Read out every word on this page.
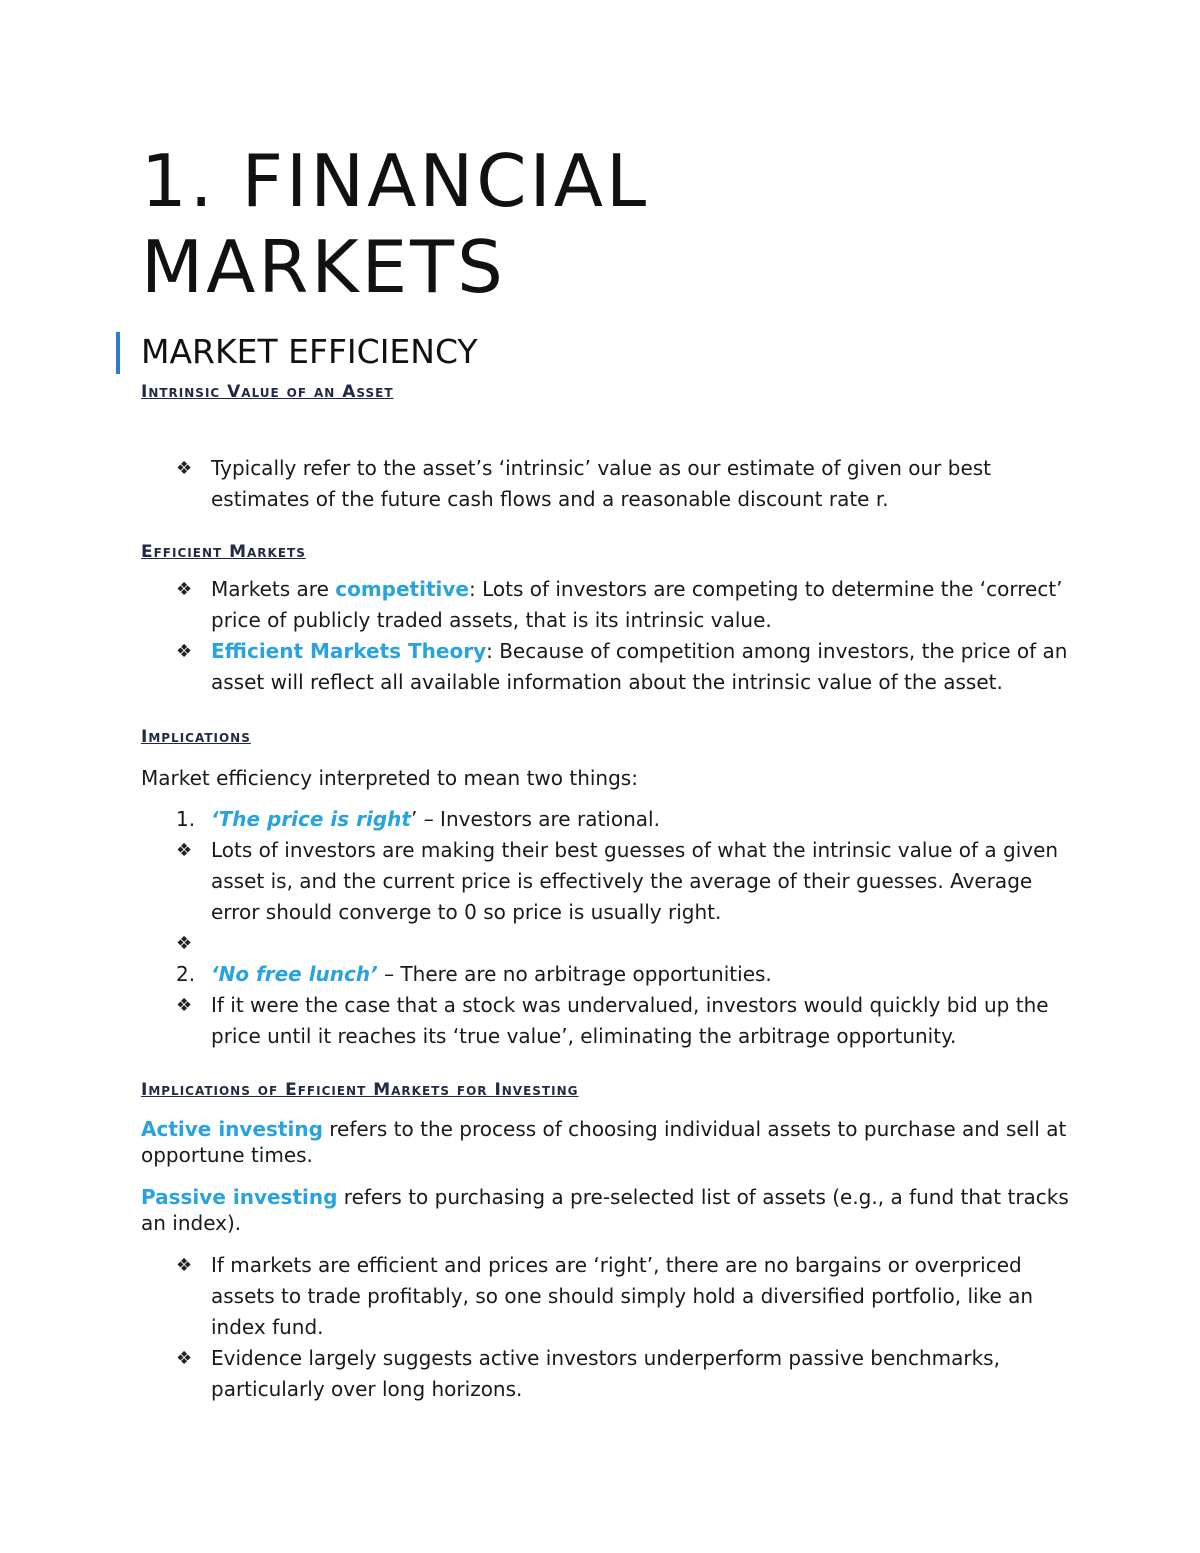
1. FINANCIAL
MARKETS
MARKET EFFICIENCY

Intrinsic Value of an Asset

❖ Typically refer to the asset’s ‘intrinsic’ value as our estimate of given our best estimates of the future cash flows and a reasonable discount rate r.

Efficient Markets

❖ Markets are competitive: Lots of investors are competing to determine the ‘correct’ price of publicly traded assets, that is its intrinsic value.
❖ Efficient Markets Theory: Because of competition among investors, the price of an asset will reflect all available information about the intrinsic value of the asset.

Implications

Market efficiency interpreted to mean two things:

1. ‘The price is right’ – Investors are rational.
❖ Lots of investors are making their best guesses of what the intrinsic value of a given asset is, and the current price is effectively the average of their guesses. Average error should converge to 0 so price is usually right.
❖

2. ‘No free lunch’ – There are no arbitrage opportunities.
❖ If it were the case that a stock was undervalued, investors would quickly bid up the price until it reaches its ‘true value’, eliminating the arbitrage opportunity.

Implications of Efficient Markets for Investing

Active investing refers to the process of choosing individual assets to purchase and sell at opportune times.

Passive investing refers to purchasing a pre-selected list of assets (e.g., a fund that tracks an index).

❖ If markets are efficient and prices are ‘right’, there are no bargains or overpriced assets to trade profitably, so one should simply hold a diversified portfolio, like an index fund.
❖ Evidence largely suggests active investors underperform passive benchmarks, particularly over long horizons.
